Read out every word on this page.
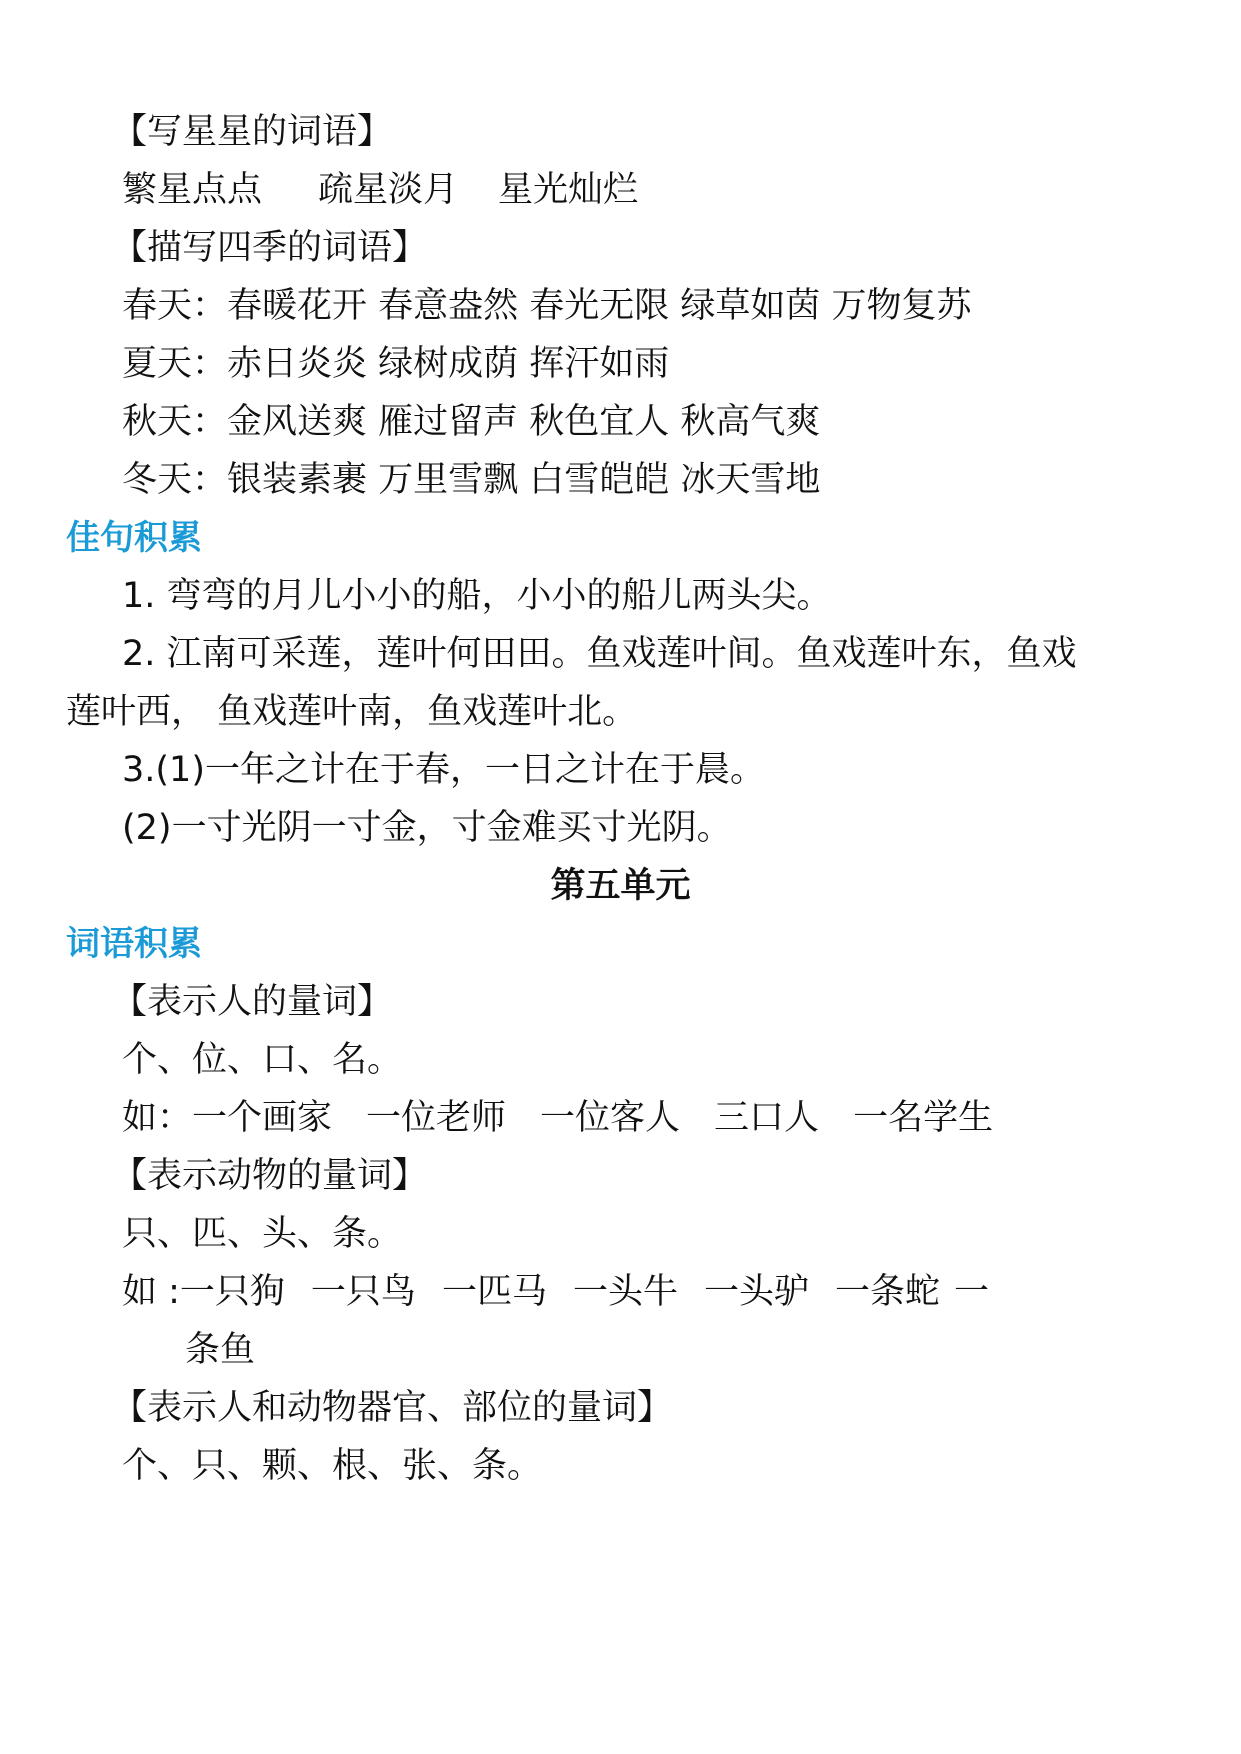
【写星星的词语】
繁星点点 疏星淡月 星光灿烂
【描写四季的词语】
春天：春暖花开 春意盎然 春光无限 绿草如茵 万物复苏
夏天：赤日炎炎 绿树成荫 挥汗如雨
秋天：金风送爽 雁过留声 秋色宜人 秋高气爽
冬天：银装素裹 万里雪飘 白雪皑皑 冰天雪地
佳句积累
1. 弯弯的月儿小小的船，小小的船儿两头尖。
2. 江南可采莲，莲叶何田田。鱼戏莲叶间。鱼戏莲叶东，鱼戏
莲叶西， 鱼戏莲叶南，鱼戏莲叶北。
3.(1)一年之计在于春，一日之计在于晨。
(2)一寸光阴一寸金，寸金难买寸光阴。
第五单元
词语积累
【表示人的量词】
个、位、口、名。
如：一个画家 一位老师 一位客人 三口人 一名学生
【表示动物的量词】
只、匹、头、条。
如 :一只狗 一只鸟 一匹马 一头牛 一头驴 一条蛇 一
条鱼
【表示人和动物器官、部位的量词】
个、只、颗、根、张、条。
